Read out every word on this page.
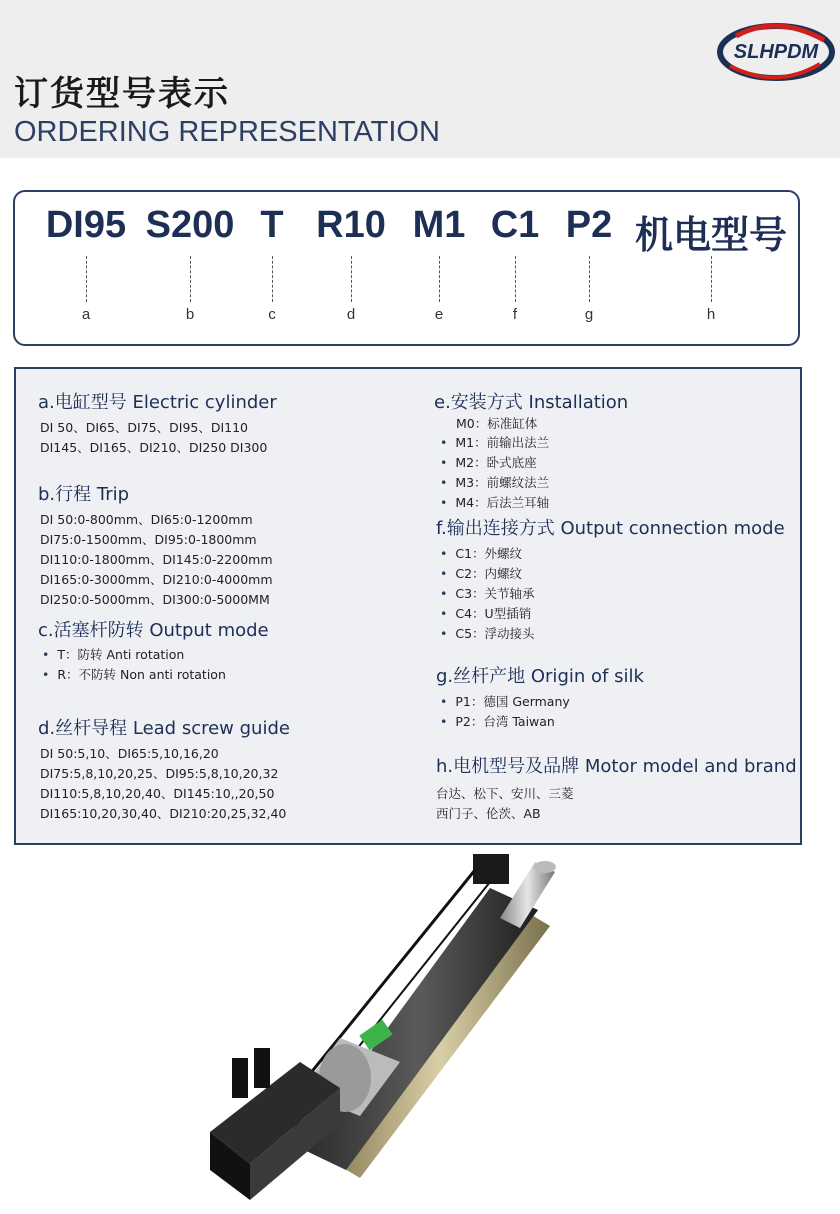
订货型号表示
ORDERING REPRESENTATION
SLHPDM
DI95
a
S200
b
T
c
R10
d
M1
e
C1
f
P2
g
机电型号
h
a.电缸型号 Electric cylinder
DI 50、DI65、DI75、DI95、DI110
DI145、DI165、DI210、DI250 DI300
b.行程 Trip
DI 50:0-800mm、DI65:0-1200mm
DI75:0-1500mm、DI95:0-1800mm
DI110:0-1800mm、DI145:0-2200mm
DI165:0-3000mm、DI210:0-4000mm
DI250:0-5000mm、DI300:0-5000MM
c.活塞杆防转 Output mode
• T：防转 Anti rotation
• R：不防转 Non anti rotation
d.丝杆导程 Lead screw guide
DI 50:5,10、DI65:5,10,16,20
DI75:5,8,10,20,25、DI95:5,8,10,20,32
DI110:5,8,10,20,40、DI145:10,,20,50
DI165:10,20,30,40、DI210:20,25,32,40
e.安装方式 Installation
M0：标准缸体
• M1：前输出法兰
• M2：卧式底座
• M3：前螺纹法兰
• M4：后法兰耳轴
f.输出连接方式 Output connection mode
• C1：外螺纹
• C2：内螺纹
• C3：关节轴承
• C4：U型插销
• C5：浮动接头
g.丝杆产地 Origin of silk
• P1：德国 Germany
• P2：台湾 Taiwan
h.电机型号及品牌 Motor model and brand
台达、松下、安川、三菱
西门子、伦茨、AB
